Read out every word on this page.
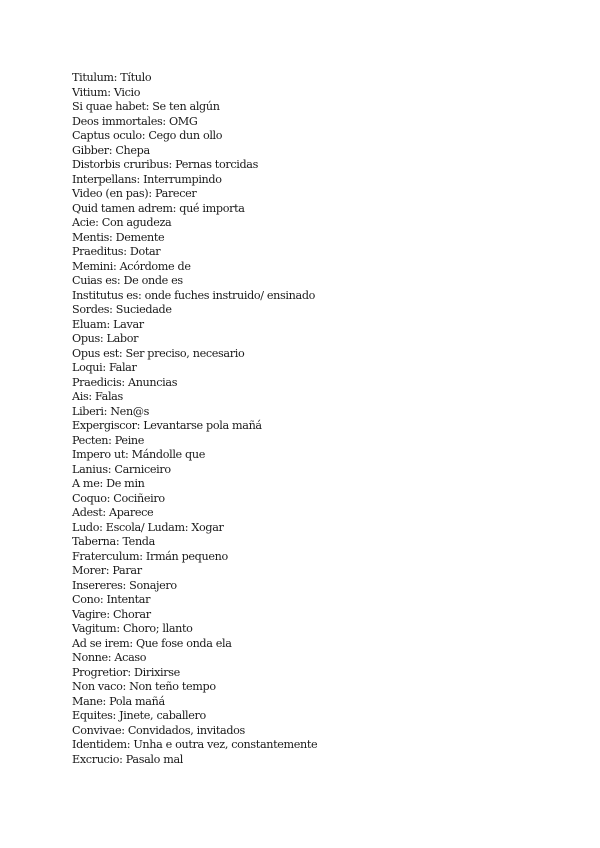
Titulum: Título
Vitium: Vicio
Si quae habet: Se ten algún
Deos immortales: OMG
Captus oculo: Cego dun ollo
Gibber: Chepa
Distorbis cruribus: Pernas torcidas
Interpellans: Interrumpindo
Video (en pas): Parecer
Quid tamen adrem: qué importa
Acie: Con agudeza
Mentis: Demente
Praeditus: Dotar
Memini: Acórdome de
Cuias es: De onde es
Institutus es: onde fuches instruido/ ensinado
Sordes: Suciedade
Eluam: Lavar
Opus: Labor
Opus est: Ser preciso, necesario
Loqui: Falar
Praedicis: Anuncias
Ais: Falas
Liberi: Nen@s
Expergiscor: Levantarse pola mañá
Pecten: Peine
Impero ut: Mándolle que
Lanius: Carniceiro
A me: De min
Coquo: Cociñeiro
Adest: Aparece
Ludo: Escola/ Ludam: Xogar
Taberna: Tenda
Fraterculum: Irmán pequeno
Morer: Parar
Insereres: Sonajero
Cono: Intentar
Vagire: Chorar
Vagitum: Choro; llanto
Ad se irem: Que fose onda ela
Nonne: Acaso
Progretior: Dirixirse
Non vaco: Non teño tempo
Mane: Pola mañá
Equites: Jinete, caballero
Convivae: Convidados, invitados
Identidem: Unha e outra vez, constantemente
Excrucio: Pasalo mal
